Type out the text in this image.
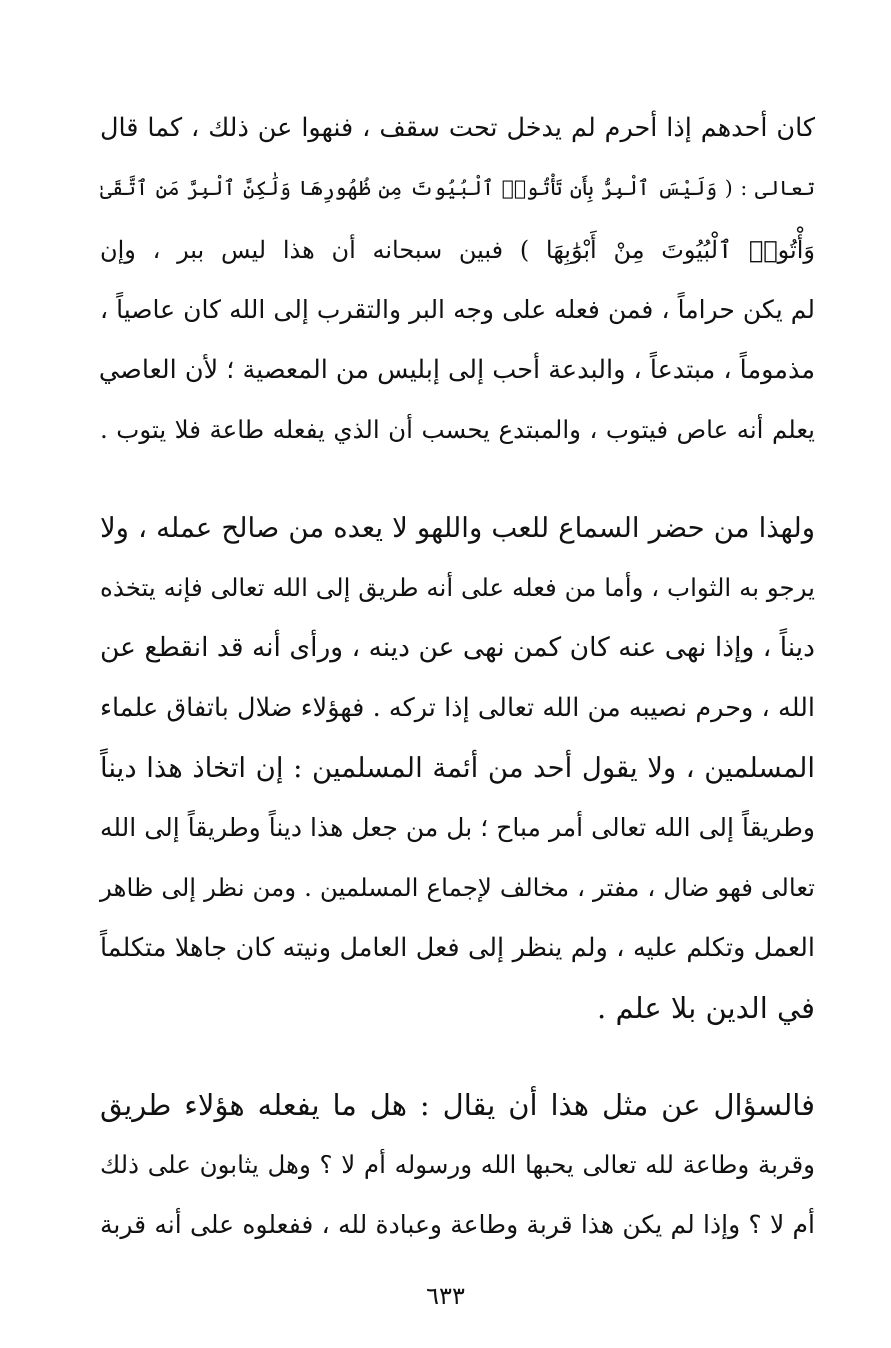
كان أحدهم إذا أحرم لم يدخل تحت سقف ، فنهوا عن ذلك ، كما قال
تعالى : ( وَلَيْسَ ٱلْبِرُّ بِأَن تَأْتُوا۟ ٱلْبُيُوتَ مِن ظُهُورِهَا وَلَٰكِنَّ ٱلْبِرَّ مَنِ ٱتَّقَىٰ
وَأْتُوا۟ ٱلْبُيُوتَ مِنْ أَبْوَٰبِهَا ) فبين سبحانه أن هذا ليس ببر ، وإن
لم يكن حراماً ، فمن فعله على وجه البر والتقرب إلى الله كان عاصياً ،
مذموماً ، مبتدعاً ، والبدعة أحب إلى إبليس من المعصية ؛ لأن العاصي
يعلم أنه عاص فيتوب ، والمبتدع يحسب أن الذي يفعله طاعة فلا يتوب .
ولهذا من حضر السماع للعب واللهو لا يعده من صالح عمله ، ولا
يرجو به الثواب ، وأما من فعله على أنه طريق إلى الله تعالى فإنه يتخذه
ديناً ، وإذا نهى عنه كان كمن نهى عن دينه ، ورأى أنه قد انقطع عن
الله ، وحرم نصيبه من الله تعالى إذا تركه . فهؤلاء ضلال باتفاق علماء
المسلمين ، ولا يقول أحد من أئمة المسلمين : إن اتخاذ هذا ديناً
وطريقاً إلى الله تعالى أمر مباح ؛ بل من جعل هذا ديناً وطريقاً إلى الله
تعالى فهو ضال ، مفتر ، مخالف لإجماع المسلمين . ومن نظر إلى ظاهر
العمل وتكلم عليه ، ولم ينظر إلى فعل العامل ونيته كان جاهلا متكلماً
في الدين بلا علم .
فالسؤال عن مثل هذا أن يقال : هل ما يفعله هؤلاء طريق
وقربة وطاعة لله تعالى يحبها الله ورسوله أم لا ؟ وهل يثابون على ذلك
أم لا ؟ وإذا لم يكن هذا قربة وطاعة وعبادة لله ، ففعلوه على أنه قربة
٦٣٣
